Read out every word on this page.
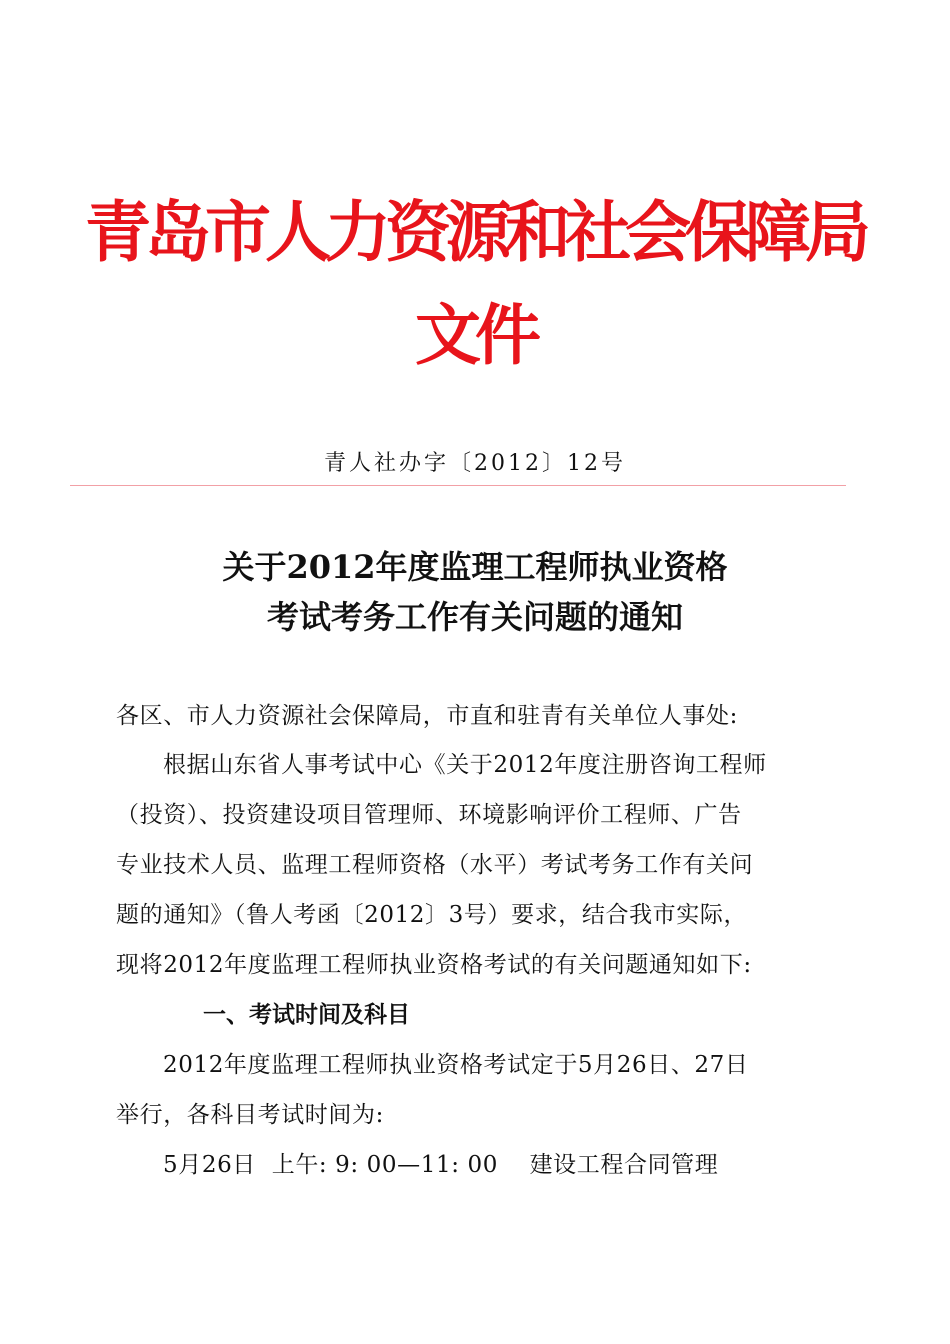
青岛市人力资源和社会保障局
文件
青人社办字〔2012〕12号
关于2012年度监理工程师执业资格
考试考务工作有关问题的通知
各区、市人力资源社会保障局，市直和驻青有关单位人事处:
根据山东省人事考试中心《关于2012年度注册咨询工程师
（投资）、投资建设项目管理师、环境影响评价工程师、广告
专业技术人员、监理工程师资格（水平）考试考务工作有关问
题的通知》（鲁人考函〔2012〕3号）要求，结合我市实际，
现将2012年度监理工程师执业资格考试的有关问题通知如下:
一、考试时间及科目
2012年度监理工程师执业资格考试定于5月26日、27日
举行，各科目考试时间为:
5月26日  上午: 9: 00—11: 00    建设工程合同管理
